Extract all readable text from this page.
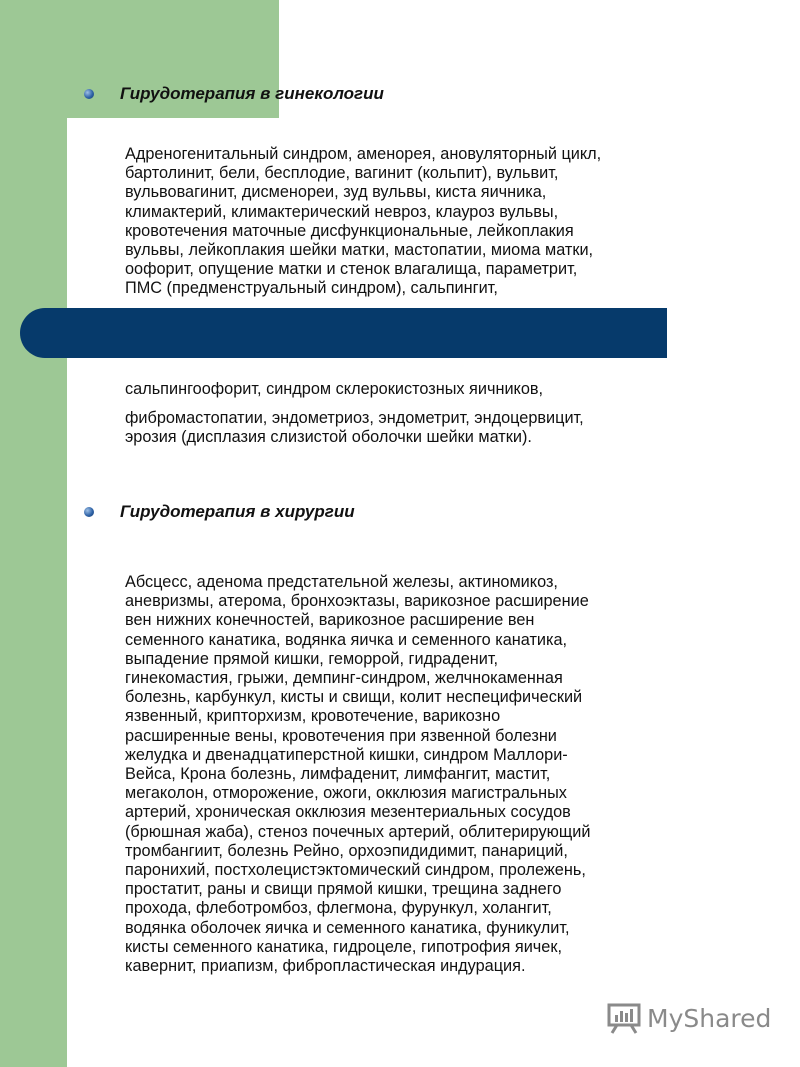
Гирудотерапия в гинекологии

Адреногенитальный синдром, аменорея, ановуляторный цикл,
бартолинит, бели, бесплодие, вагинит (кольпит), вульвит,
вульвовагинит, дисменореи, зуд вульвы, киста яичника,
климактерий, климактерический невроз, клауроз вульвы,
кровотечения маточные дисфункциональные, лейкоплакия
вульвы, лейкоплакия шейки матки, мастопатии, миома матки,
оофорит, опущение матки и стенок влагалища, параметрит,
ПМС (предменструальный синдром), сальпингит,

сальпингоофорит, синдром склерокистозных яичников,

фибромастопатии, эндометриоз, эндометрит, эндоцервицит,
эрозия (дисплазия слизистой оболочки шейки матки).

Гирудотерапия в хирургии

Абсцесс, аденома предстательной железы, актиномикоз,
аневризмы, атерома, бронхоэктазы, варикозное расширение
вен нижних конечностей, варикозное расширение вен
семенного канатика, водянка яичка и семенного канатика,
выпадение прямой кишки, геморрой, гидраденит,
гинекомастия, грыжи, демпинг-синдром, желчнокаменная
болезнь, карбункул, кисты и свищи, колит неспецифический
язвенный, крипторхизм, кровотечение, варикозно
расширенные вены, кровотечения при язвенной болезни
желудка и двенадцатиперстной кишки, синдром Маллори-
Вейса, Крона болезнь, лимфаденит, лимфангит, мастит,
мегаколон, отморожение, ожоги, окклюзия магистральных
артерий, хроническая окклюзия мезентериальных сосудов
(брюшная жаба), стеноз почечных артерий, облитерирующий
тромбангиит, болезнь Рейно, орхоэпидидимит, панариций,
паронихий, постхолецистэктомический синдром, пролежень,
простатит, раны и свищи прямой кишки, трещина заднего
прохода, флеботромбоз, флегмона, фурункул, холангит,
водянка оболочек яичка и семенного канатика, фуникулит,
кисты семенного канатика, гидроцеле, гипотрофия яичек,
кавернит, приапизм, фибропластическая индурация.

MyShared
